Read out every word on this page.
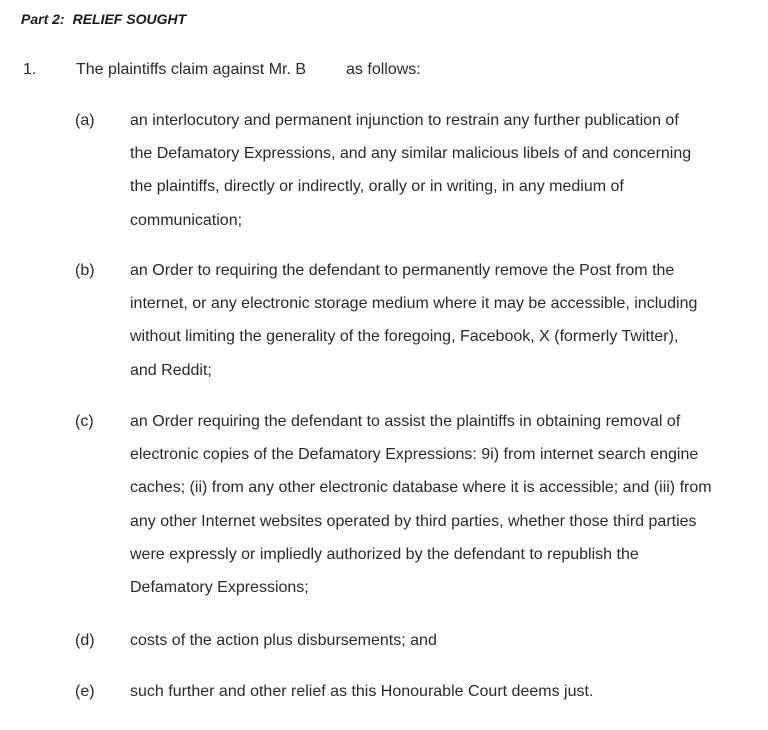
Part 2: RELIEF SOUGHT
1. The plaintiffs claim against Mr. B	as follows:
(a) an interlocutory and permanent injunction to restrain any further publication of
the Defamatory Expressions, and any similar malicious libels of and concerning
the plaintiffs, directly or indirectly, orally or in writing, in any medium of
communication;
(b) an Order to requiring the defendant to permanently remove the Post from the
internet, or any electronic storage medium where it may be accessible, including
without limiting the generality of the foregoing, Facebook, X (formerly Twitter),
and Reddit;
(c) an Order requiring the defendant to assist the plaintiffs in obtaining removal of
electronic copies of the Defamatory Expressions: 9i) from internet search engine
caches; (ii) from any other electronic database where it is accessible; and (iii) from
any other Internet websites operated by third parties, whether those third parties
were expressly or impliedly authorized by the defendant to republish the
Defamatory Expressions;
(d) costs of the action plus disbursements; and
(e) such further and other relief as this Honourable Court deems just.
